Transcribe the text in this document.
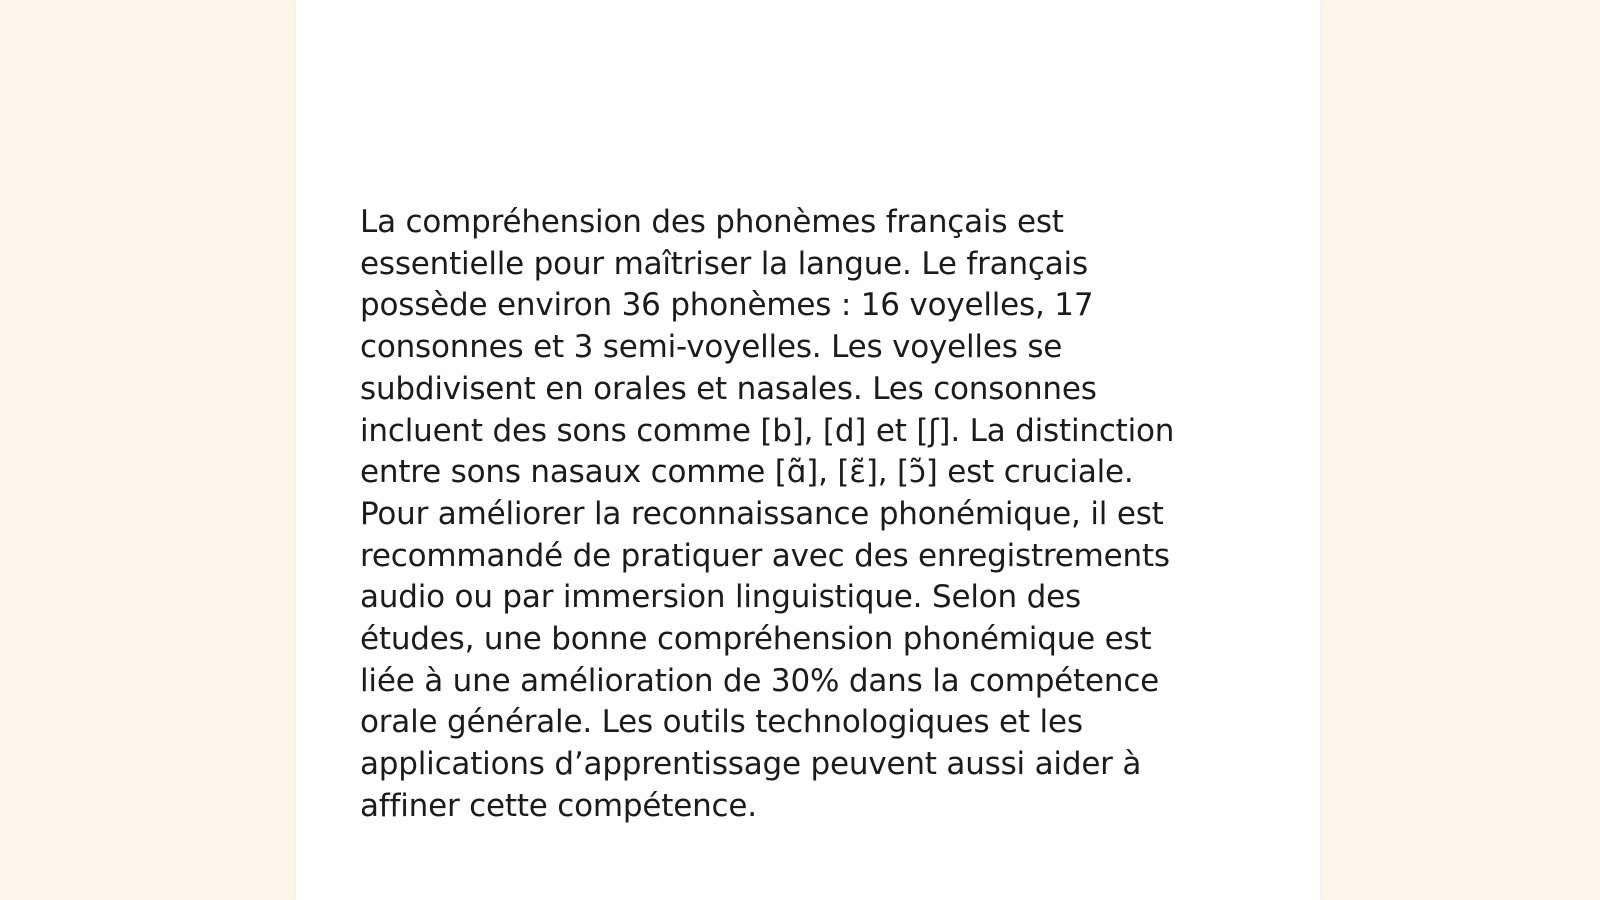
La compréhension des phonèmes français est
essentielle pour maîtriser la langue. Le français
possède environ 36 phonèmes : 16 voyelles, 17
consonnes et 3 semi-voyelles. Les voyelles se
subdivisent en orales et nasales. Les consonnes
incluent des sons comme [b], [d] et [ʃ]. La distinction
entre sons nasaux comme [ɑ̃], [ɛ̃], [ɔ̃] est cruciale.
Pour améliorer la reconnaissance phonémique, il est
recommandé de pratiquer avec des enregistrements
audio ou par immersion linguistique. Selon des
études, une bonne compréhension phonémique est
liée à une amélioration de 30% dans la compétence
orale générale. Les outils technologiques et les
applications d’apprentissage peuvent aussi aider à
affiner cette compétence.
